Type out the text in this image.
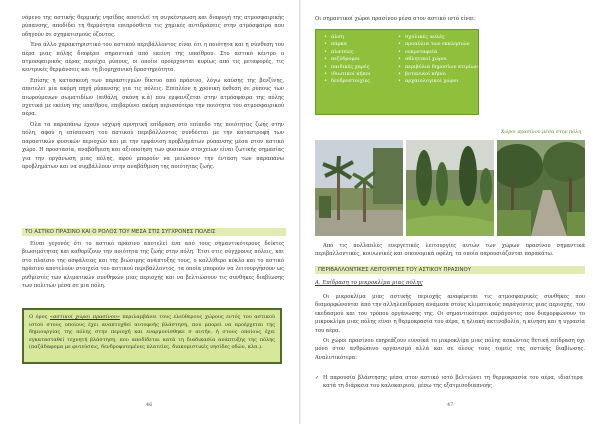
νόμενο της αστικής θερμικής νησίδας αποτελεί τη συγκέντρωση και διαφυγή της ατμοσφαιρικής ρύπανσης, αποδίδει τη θερμότητα επιπρόσθετα τις χημικές αντιδράσεις στην ατμόσφαιρα που οδηγούν σε σχηματισμούς όζοντος.

Ένα άλλο χαρακτηριστικό του αστικού περιβάλλοντος είναι ότι η ποιότητα και η σύνθεση του αέρα μιας πόλης διαφέρει σημαντικά από εκείνη της υπαίθρου. Στο αστικό κέντρο ο ατμοσφαιρικός αέρας περιέχει ρύπους, οι οποίοι προέρχονται κυρίως από τις μεταφορές, τις κεντρικές θερμάνσεις και τη βιομηχανική δραστηριότητα.

Επίσης η κατασκευή των παραστιγμών δίκτυο από πράσινο, λόγω καύσης της βενζίνης, αποτελεί μία ακόμη πηγή ρύπανσης για τις πόλεις. Επιπλέον η χρονική έκθεση σε ρύπους των αιωρούμενων σωματιδίων (αιθάλη, σκόνη κ.ά) που εμφανίζεται στην ατμόσφαιρα της πόλης σχετικά με εκείνη της υπαίθρου, επιβαρύνει ακόμη περισσότερο την ποιότητα του ατμοσφαιρικού αέρα.

Όλα τα παραπάνω έχουν ισχυρή αρνητική επίδραση στο επίπεδο της ποιότητας ζωής στην πόλη, αφού η επίσπευση του αστικού περιβάλλοντος συνδέεται με την καταστροφή των παραστικών φυσικών περιοχών και με την εμφάνιση προβλημάτων ρύπανσης μέσα στον αστικό χώρο. Η προστασία, αναβάθμιση και αξιοποίηση των φυσικών στοιχείων είναι ζωτικής σημασίας για την οργάνωση μιας πόλης, αφού μπορούν να μειώσουν την ένταση των παραπάνω προβλημάτων και να συμβάλλουν στην αναβάθμιση της ποιότητας ζωής.

ΤΟ ΑΣΤΙΚΟ ΠΡΑΣΙΝΟ ΚΑΙ Ο ΡΟΛΟΣ ΤΟΥ ΜΕΣΑ ΣΤΙΣ ΣΥΓΧΡΟΝΕΣ ΠΟΛΕΙΣ

Είναι γεγονός ότι το αστικό πράσινο αποτελεί ένα από τους σημαντικότερους δείκτες βιωσιμότητας και καθορίζουν την ποιότητα της ζωής στην πόλη. Έτσι στις σύγχρονες πόλεις, και στο πλαίσιο της ασφάλειας και της βιώσιμης ανάπτυξης τους, ο καλλίθερο κύκλο και το αστικό πράσινο αποτελούν στοιχεία του αστικού περιβάλλοντος, τα οποία μπορούν να λειτουργήσουν ως ρυθμιστές των κλιματικών συνθηκών μιας περιοχής και να βελτιώσουν τις συνθήκες διαβίωσης των πολιτών μέσα σε μια πόλη.

Ο όρος «αστικοί χώροι πρασίνου» περιλαμβάνει τους ελεύθερους χώρους εντός του αστικού ιστού στους οποίους έχει αναπτυχθεί αυτοφυής βλάστηση, που μπορεί να προέρχεται της δημιουργίας της πόλης στην περιοχή και εναρμονίσθηκε σ αυτήν, ή στους οποίους έχει εγκατασταθεί τεχνητή βλάστηση, που αποδίδεται κατά τη διαδικασία ανάπτυξης της πόλης (παζάδαφομα με φυτεύσεις, δενδροφυτεμένες πλατείες, διακομιστικές νησίδες οδών, κλπ.).
46

Οι σημαντικοί χώροι πρασίνου μέσα στον αστικό ιστό είναι:

• άλση
• πάρκα
• πλατείες
• πεζόδρομοι
• παιδικές χαρές
• ιδιωτικοί κήποι
• δενδροστοιχίες
• σχολικές αυλές
• προαύλια των εκκλησιών
• νεκροταφεία
• αθλητικοί χώροι
• περιβόλια δημοσίων κτιρίων
• βοτανικοί κήποι
• αρχαιολογικοί χώροι
Χώροι πρασίνου μέσα στην πόλη

Από τις πολλαπλές ευεργετικές λειτουργίες αυτών των χώρων πρασίνου σημαντικά περιβαλλοντικές, κοινωνικές και οικονομικά οφέλη, τα οποία παρουσιάζονται παρακάτω.

ΠΕΡΙΒΑΛΛΟΝΤΙΚΕΣ ΛΕΙΤΟΥΡΓΙΕΣ ΤΟΥ ΑΣΤΙΚΟΥ ΠΡΑΣΙΝΟΥ
Α. Επίδραση το μικροκλίμα μιας πόλης

Οι μικροκλίμα μιας αστικής περιοχής αναφέρεται τις ατμοσφαιρικές συνθήκες που διαμορφώνονται από την αλληλεπίδραση ανάμεσα στους κλιματικούς παράγοντες μιας περιοχής, του εκεδασμού και του τρόπου οργάνωσης της. Οι σημαντικότεροι παράγοντες που διαμορφώνουν το μικροκλίμα μιας πόλης είναι η θερμοκρασία του αέρα, η ηλιακή ακτινοβολία, η κίνηση και η υγρασία του αέρα.

Οι χώροι πρασίνου επηρεάζουν ευνοϊκά το μικροκλίμα μιας πόλης ασκώντας θετική επίδραση όχι μόνο στον ανθρώπινο οργανισμό αλλά και σε όλους τους τομείς της αστικής διαβίωσης. Αναλυτικότερα:

✓ Η παρουσία βλάστησης μέσα στον αστικό ιστό βελτιώνει τη θερμοκρασία του αέρα, ιδιαίτερα κατά τη διάρκεια του καλοκαιριού, μέσω της εξατμισοδιαπνοής
47
